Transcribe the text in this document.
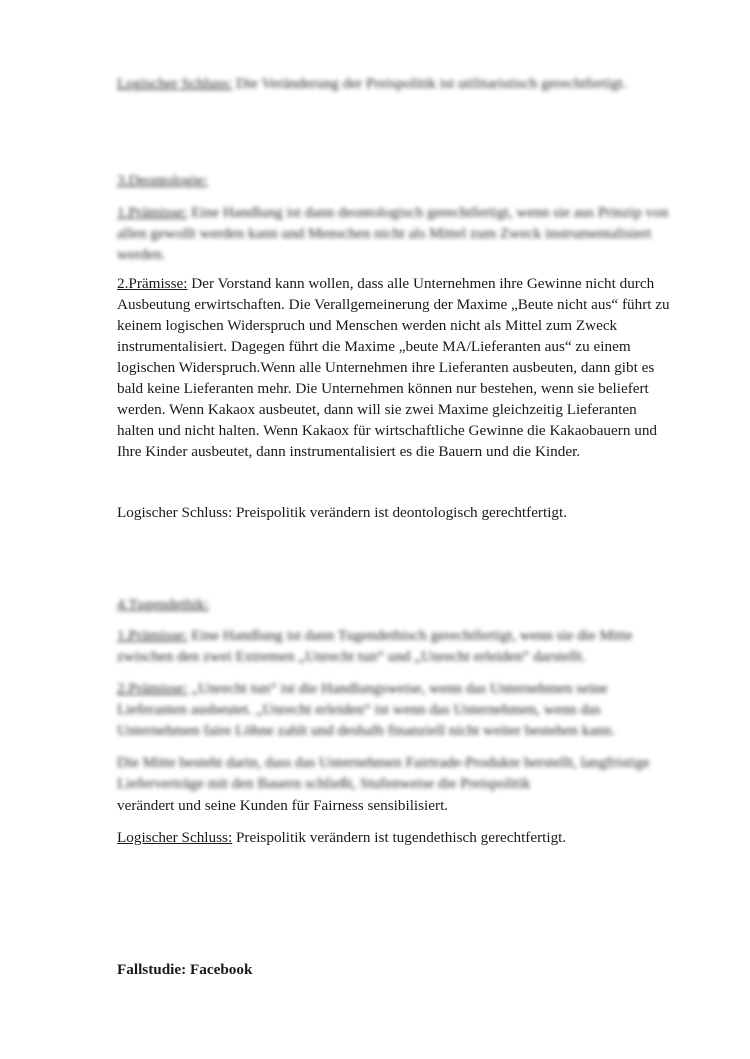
Logischer Schluss: Die Veränderung der Preispolitik ist utilitaristisch gerechtfertigt.

3.Deontologie:

1.Prämisse: Eine Handlung ist dann deontologisch gerechtfertigt, wenn sie aus Prinzip von allen gewollt werden kann und Menschen nicht als Mittel zum Zweck instrumentalisiert werden.

2.Prämisse: Der Vorstand kann wollen, dass alle Unternehmen ihre Gewinne nicht durch Ausbeutung erwirtschaften. Die Verallgemeinerung der Maxime „Beute nicht aus“ führt zu keinem logischen Widerspruch und Menschen werden nicht als Mittel zum Zweck instrumentalisiert. Dagegen führt die Maxime „beute MA/Lieferanten aus“ zu einem logischen Widerspruch.Wenn alle Unternehmen ihre Lieferanten ausbeuten, dann gibt es bald keine Lieferanten mehr. Die Unternehmen können nur bestehen, wenn sie beliefert werden. Wenn Kakaox ausbeutet, dann will sie zwei Maxime gleichzeitig Lieferanten halten und nicht halten. Wenn Kakaox für wirtschaftliche Gewinne die Kakaobauern und Ihre Kinder ausbeutet, dann instrumentalisiert es die Bauern und die Kinder.

Logischer Schluss: Preispolitik verändern ist deontologisch gerechtfertigt.

4.Tugendethik:

1.Prämisse: Eine Handlung ist dann Tugendethisch gerechtfertigt, wenn sie die Mitte zwischen den zwei Extremen „Unrecht tun“ und „Unrecht erleiden“ darstellt.

2.Prämisse: „Unrecht tun“ ist die Handlungsweise, wenn das Unternehmen seine Lieferanten ausbeutet. „Unrecht erleiden“ ist wenn das Unternehmen, wenn das Unternehmen faire Löhne zahlt und deshalb finanziell nicht weiter bestehen kann.

Die Mitte besteht darin, dass das Unternehmen Fairtrade-Produkte herstellt, langfristige Lieferverträge mit den Bauern schließt, Stufenweise die Preispolitik

verändert und seine Kunden für Fairness sensibilisiert.

Logischer Schluss: Preispolitik verändern ist tugendethisch gerechtfertigt.

Fallstudie: Facebook
